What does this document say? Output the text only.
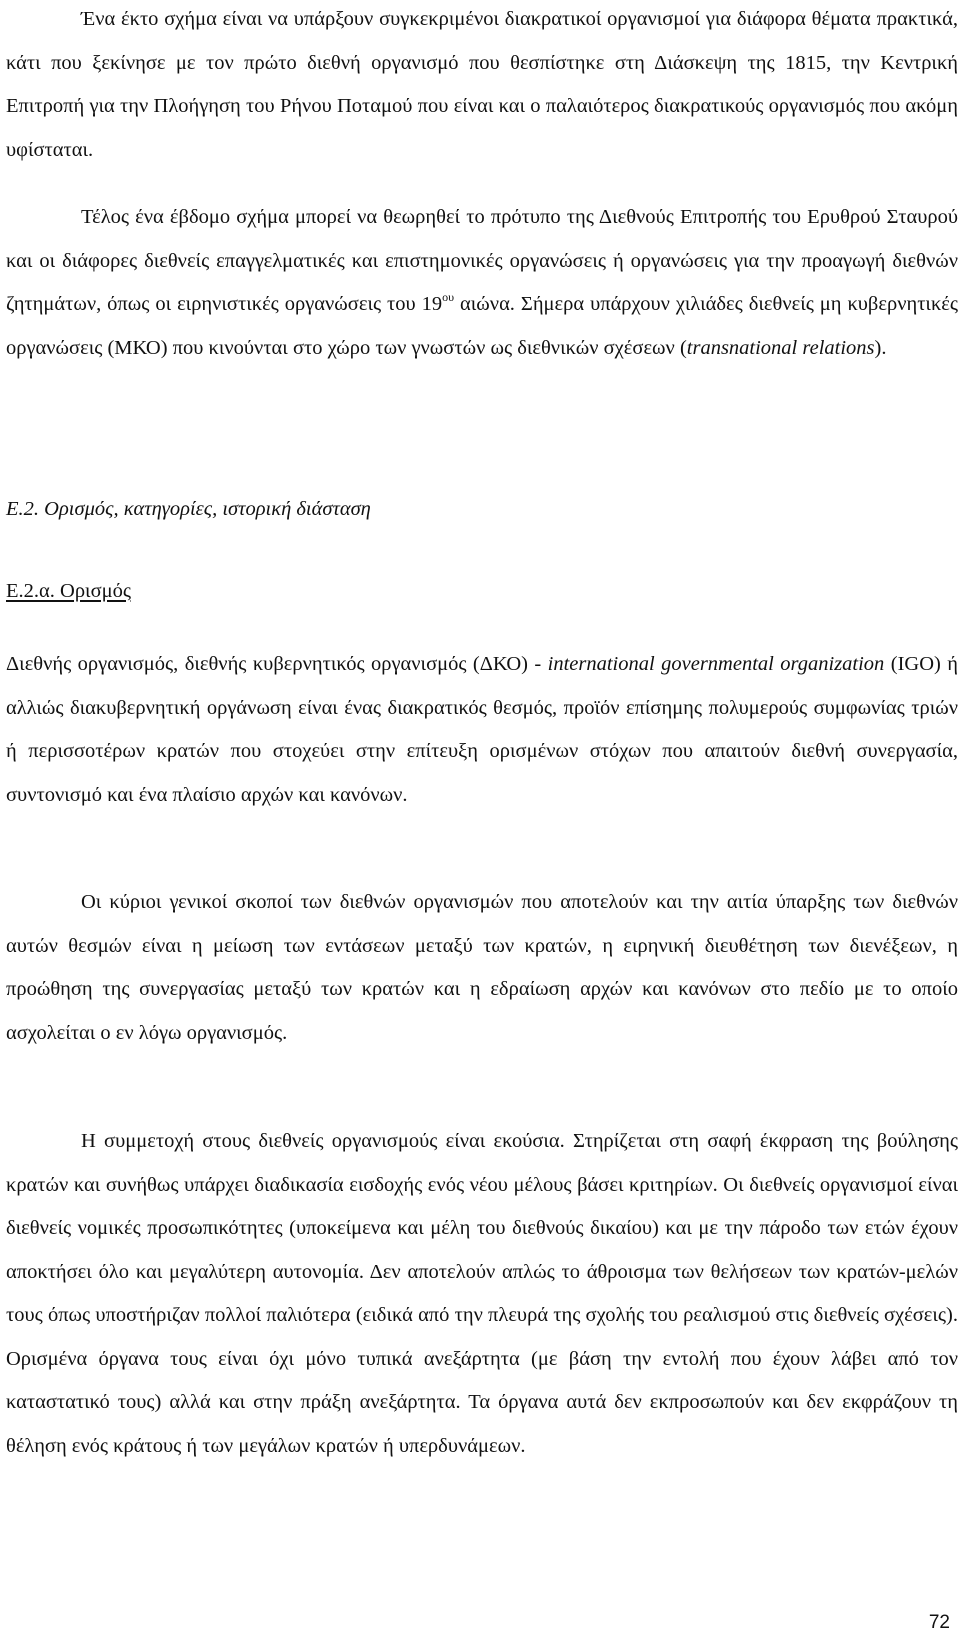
Ένα έκτο σχήμα είναι να υπάρξουν συγκεκριμένοι διακρατικοί οργανισμοί για διάφορα θέματα πρακτικά, κάτι που ξεκίνησε με τον πρώτο διεθνή οργανισμό που θεσπίστηκε στη Διάσκεψη της 1815, την Κεντρική Επιτροπή για την Πλοήγηση του Ρήνου Ποταμού που είναι και ο παλαιότερος διακρατικούς οργανισμός που ακόμη υφίσταται.

Τέλος ένα έβδομο σχήμα μπορεί να θεωρηθεί το πρότυπο της Διεθνούς Επιτροπής του Ερυθρού Σταυρού και οι διάφορες διεθνείς επαγγελματικές και επιστημονικές οργανώσεις ή οργανώσεις για την προαγωγή διεθνών ζητημάτων, όπως οι ειρηνιστικές οργανώσεις του $19^{o\upsilon}$ αιώνα. Σήμερα υπάρχουν χιλιάδες διεθνείς μη κυβερνητικές οργανώσεις (ΜΚΟ) που κινούνται στο χώρο των γνωστών ως διεθνικών σχέσεων (transnational relations).

Ε.2. Ορισμός, κατηγορίες, ιστορική διάσταση

Ε.2.α. Ορισμός

Διεθνής οργανισμός, διεθνής κυβερνητικός οργανισμός (ΔΚΟ) - international governmental organization (IGO) ή αλλιώς διακυβερνητική οργάνωση είναι ένας διακρατικός θεσμός, προϊόν επίσημης πολυμερούς συμφωνίας τριών ή περισσοτέρων κρατών που στοχεύει στην επίτευξη ορισμένων στόχων που απαιτούν διεθνή συνεργασία, συντονισμό και ένα πλαίσιο αρχών και κανόνων.

Οι κύριοι γενικοί σκοποί των διεθνών οργανισμών που αποτελούν και την αιτία ύπαρξης των διεθνών αυτών θεσμών είναι η μείωση των εντάσεων μεταξύ των κρατών, η ειρηνική διευθέτηση των διενέξεων, η προώθηση της συνεργασίας μεταξύ των κρατών και η εδραίωση αρχών και κανόνων στο πεδίο με το οποίο ασχολείται ο εν λόγω οργανισμός.

Η συμμετοχή στους διεθνείς οργανισμούς είναι εκούσια. Στηρίζεται στη σαφή έκφραση της βούλησης κρατών και συνήθως υπάρχει διαδικασία εισδοχής ενός νέου μέλους βάσει κριτηρίων. Οι διεθνείς οργανισμοί είναι διεθνείς νομικές προσωπικότητες (υποκείμενα και μέλη του διεθνούς δικαίου) και με την πάροδο των ετών έχουν αποκτήσει όλο και μεγαλύτερη αυτονομία. Δεν αποτελούν απλώς το άθροισμα των θελήσεων των κρατών-μελών τους όπως υποστήριζαν πολλοί παλιότερα (ειδικά από την πλευρά της σχολής του ρεαλισμού στις διεθνείς σχέσεις). Ορισμένα όργανα τους είναι όχι μόνο τυπικά ανεξάρτητα (με βάση την εντολή που έχουν λάβει από τον καταστατικό τους) αλλά και στην πράξη ανεξάρτητα. Τα όργανα αυτά δεν εκπροσωπούν και δεν εκφράζουν τη θέληση ενός κράτους ή των μεγάλων κρατών ή υπερδυνάμεων.

72
